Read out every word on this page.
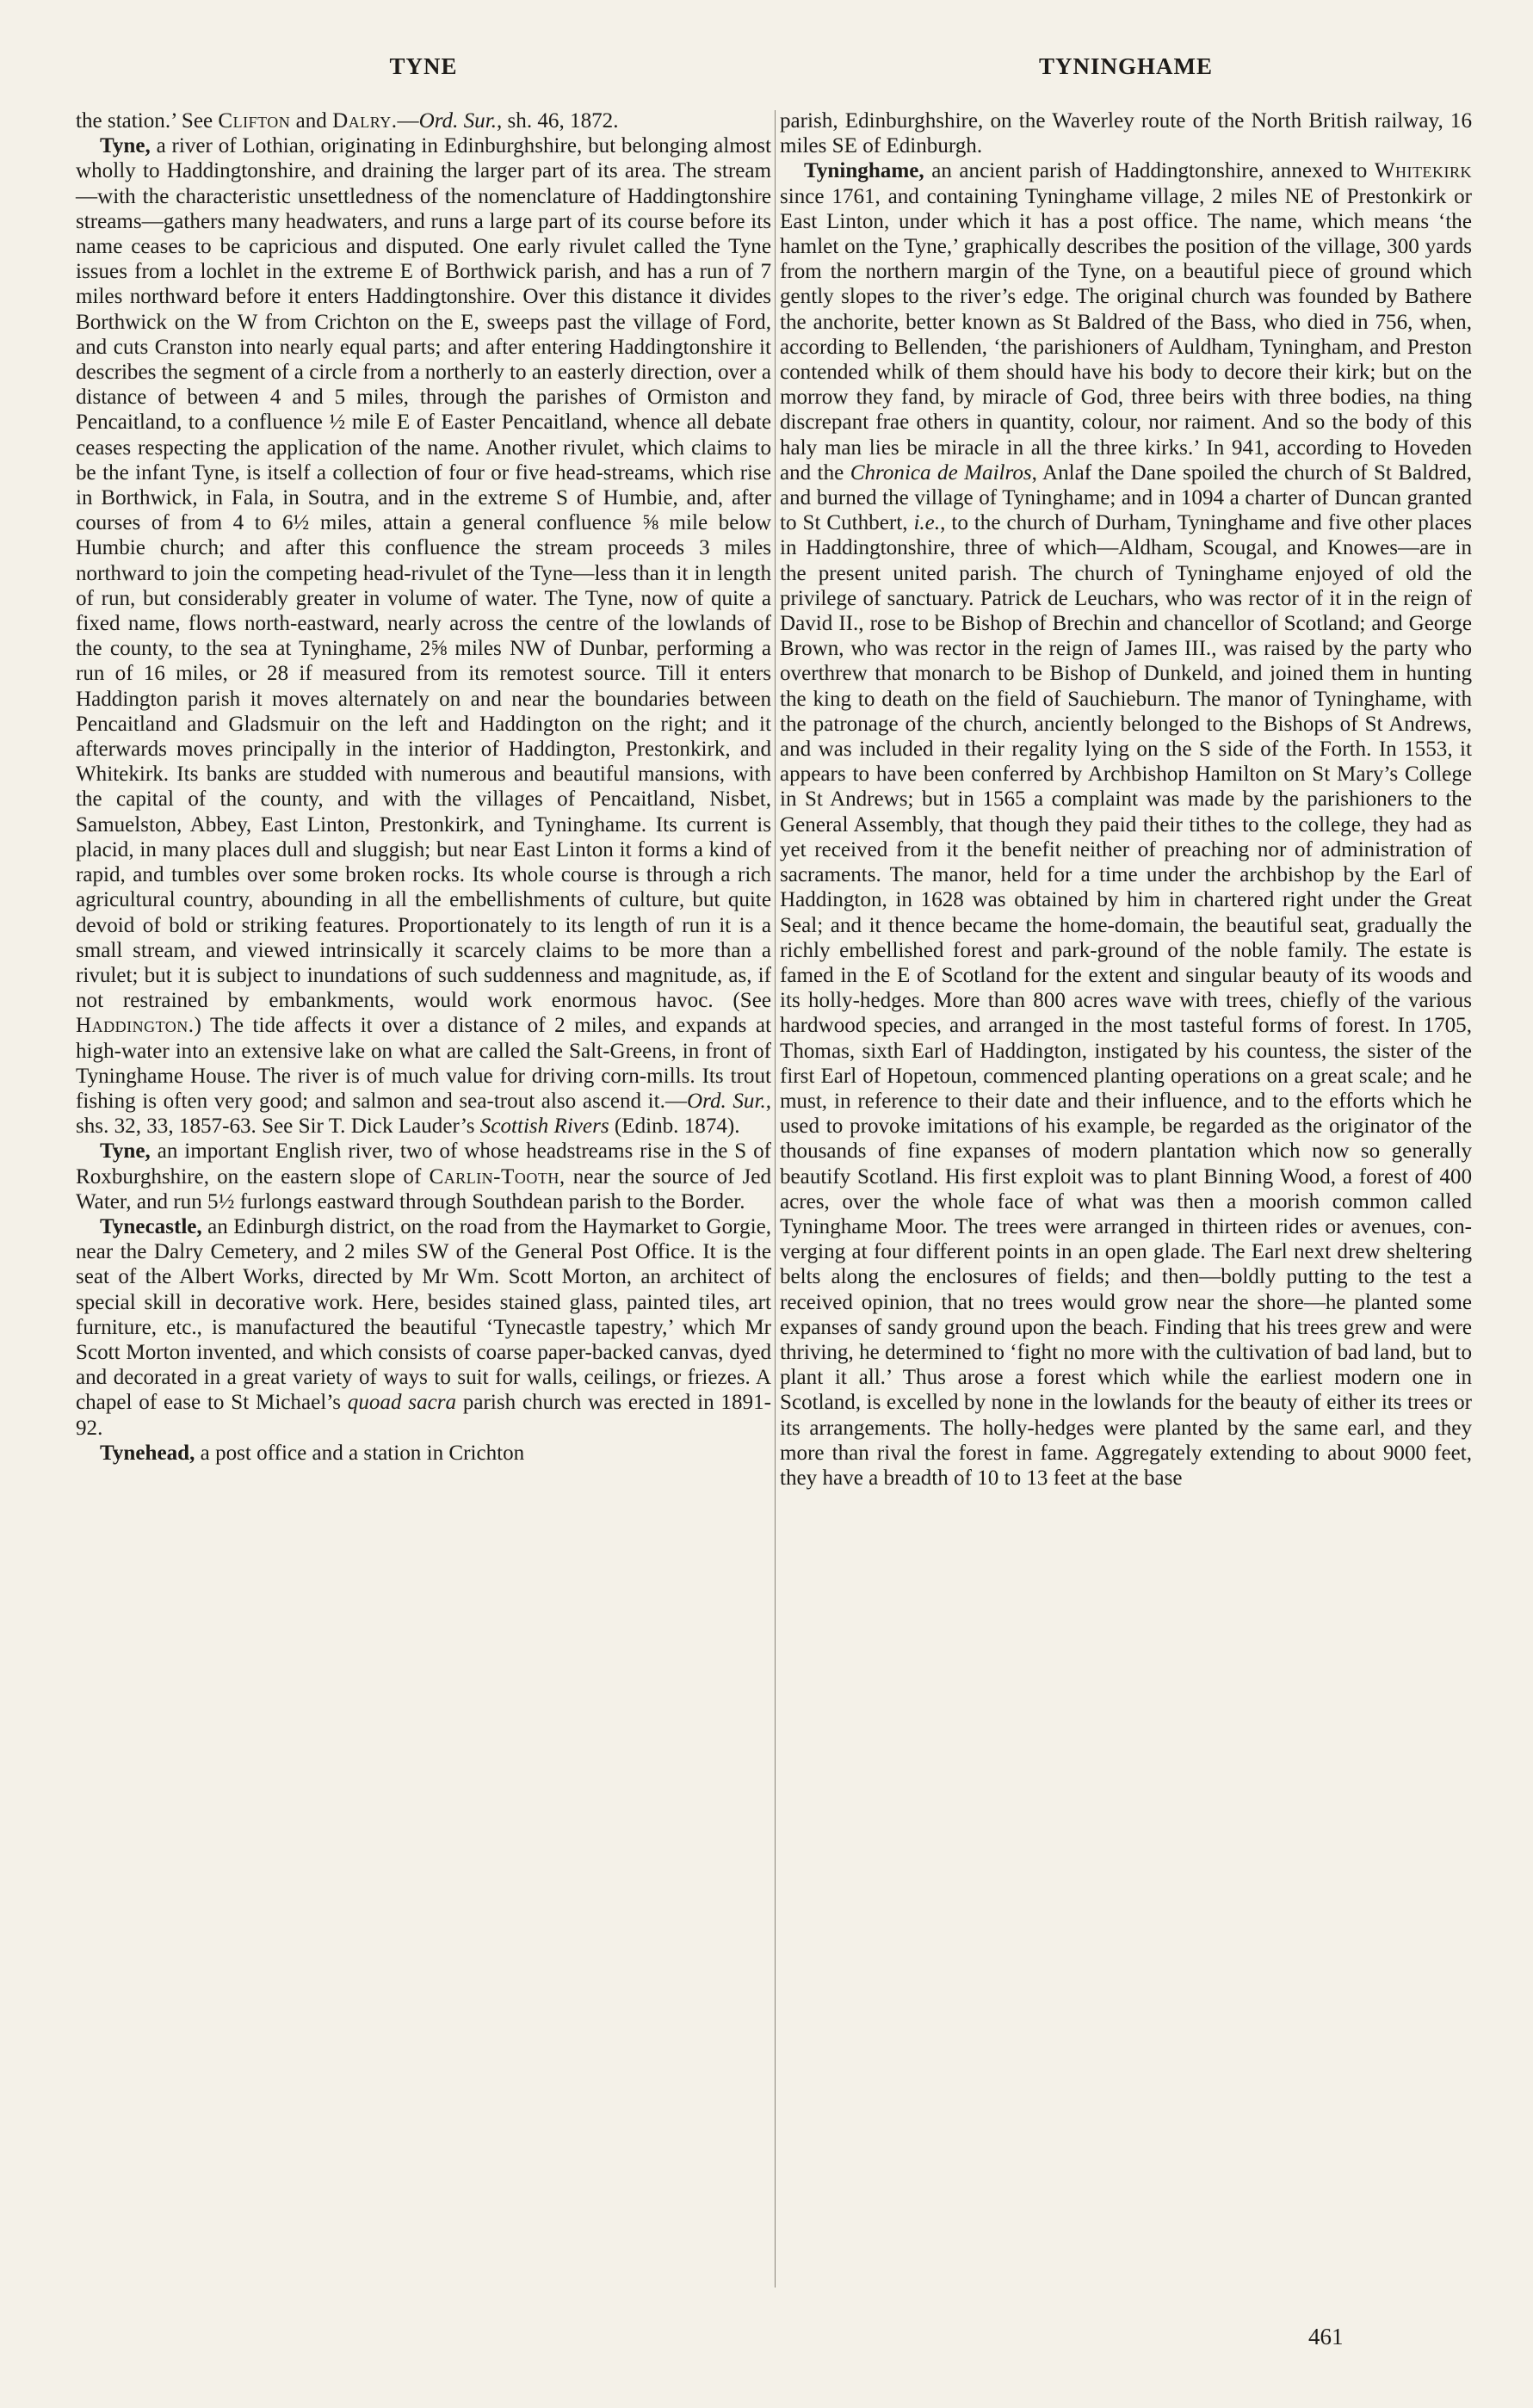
TYNE	TYNINGHAME

the station.’ See Clifton and Dalry.—Ord. Sur., sh. 46, 1872.

Tyne, a river of Lothian, originating in Edinburghshire, but belonging almost wholly to Haddingtonshire, and draining the larger part of its area. The stream—with the characteristic unsettledness of the nomenclature of Haddingtonshire streams—gathers many headwaters, and runs a large part of its course before its name ceases to be capricious and disputed. One early rivulet called the Tyne issues from a lochlet in the extreme E of Borthwick parish, and has a run of 7 miles northward before it enters Haddingtonshire. Over this distance it divides Borthwick on the W from Crichton on the E, sweeps past the village of Ford, and cuts Cranston into nearly equal parts; and after entering Haddingtonshire it describes the segment of a circle from a northerly to an easterly direction, over a distance of between 4 and 5 miles, through the parishes of Ormiston and Pencaitland, to a confluence ½ mile E of Easter Pencaitland, whence all debate ceases respecting the application of the name. Another rivulet, which claims to be the infant Tyne, is itself a collection of four or five head-streams, which rise in Borthwick, in Fala, in Soutra, and in the extreme S of Humbie, and, after courses of from 4 to 6½ miles, attain a general confluence ⅝ mile below Humbie church; and after this confluence the stream proceeds 3 miles northward to join the competing head-rivulet of the Tyne—less than it in length of run, but considerably greater in volume of water. The Tyne, now of quite a fixed name, flows north-eastward, nearly across the centre of the lowlands of the county, to the sea at Tyninghame, 2⅝ miles NW of Dunbar, performing a run of 16 miles, or 28 if measured from its remotest source. Till it enters Haddington parish it moves alternately on and near the boundaries between Pencaitland and Gladsmuir on the left and Haddington on the right; and it afterwards moves principally in the interior of Haddington, Prestonkirk, and Whitekirk. Its banks are studded with numerous and beautiful mansions, with the capital of the county, and with the villages of Pencaitland, Nisbet, Samuelston, Abbey, East Linton, Prestonkirk, and Tyninghame. Its current is placid, in many places dull and sluggish; but near East Linton it forms a kind of rapid, and tumbles over some broken rocks. Its whole course is through a rich agricultural country, abounding in all the embellishments of culture, but quite devoid of bold or striking features. Proportionately to its length of run it is a small stream, and viewed intrinsically it scarcely claims to be more than a rivulet; but it is subject to inundations of such suddenness and magnitude, as, if not restrained by embankments, would work enormous havoc. (See Haddington.) The tide affects it over a distance of 2 miles, and expands at high-water into an extensive lake on what are called the Salt-Greens, in front of Tyninghame House. The river is of much value for driving corn-mills. Its trout fishing is often very good; and salmon and sea-trout also ascend it.—Ord. Sur., shs. 32, 33, 1857-63. See Sir T. Dick Lauder’s Scottish Rivers (Edinb. 1874).

Tyne, an important English river, two of whose headstreams rise in the S of Roxburghshire, on the eastern slope of Carlin-Tooth, near the source of Jed Water, and run 5½ furlongs eastward through Southdean parish to the Border.

Tynecastle, an Edinburgh district, on the road from the Haymarket to Gorgie, near the Dalry Cemetery, and 2 miles SW of the General Post Office. It is the seat of the Albert Works, directed by Mr Wm. Scott Morton, an architect of special skill in decorative work. Here, besides stained glass, painted tiles, art furniture, etc., is manufactured the beautiful ‘Tynecastle tapestry,’ which Mr Scott Morton invented, and which consists of coarse paper-backed canvas, dyed and decorated in a great variety of ways to suit for walls, ceilings, or friezes. A chapel of ease to St Michael’s quoad sacra parish church was erected in 1891-92.

Tynehead, a post office and a station in Crichton

parish, Edinburghshire, on the Waverley route of the North British railway, 16 miles SE of Edinburgh.

Tyninghame, an ancient parish of Haddingtonshire, annexed to Whitekirk since 1761, and containing Tyninghame village, 2 miles NE of Prestonkirk or East Linton, under which it has a post office. The name, which means ‘the hamlet on the Tyne,’ graphically describes the position of the village, 300 yards from the northern margin of the Tyne, on a beautiful piece of ground which gently slopes to the river’s edge. The original church was founded by Bathere the anchorite, better known as St Baldred of the Bass, who died in 756, when, according to Bellenden, ‘the parishioners of Auldham, Tyningham, and Preston contended whilk of them should have his body to decore their kirk; but on the morrow they fand, by miracle of God, three beirs with three bodies, na thing discrepant frae others in quantity, colour, nor raiment. And so the body of this haly man lies be miracle in all the three kirks.’ In 941, according to Hoveden and the Chronica de Mailros, Anlaf the Dane spoiled the church of St Baldred, and burned the village of Tyninghame; and in 1094 a charter of Duncan granted to St Cuthbert, i.e., to the church of Durham, Tyninghame and five other places in Haddingtonshire, three of which—Aldham, Scougal, and Knowes—are in the present united parish. The church of Tyninghame enjoyed of old the privilege of sanctuary. Patrick de Leuchars, who was rector of it in the reign of David II., rose to be Bishop of Brechin and chancellor of Scotland; and George Brown, who was rector in the reign of James III., was raised by the party who overthrew that monarch to be Bishop of Dunkeld, and joined them in hunting the king to death on the field of Sauchieburn. The manor of Tyninghame, with the patronage of the church, anciently belonged to the Bishops of St Andrews, and was included in their regality lying on the S side of the Forth. In 1553, it appears to have been conferred by Archbishop Hamilton on St Mary’s College in St Andrews; but in 1565 a complaint was made by the parishioners to the General Assembly, that though they paid their tithes to the college, they had as yet received from it the benefit neither of preaching nor of administration of sacraments. The manor, held for a time under the archbishop by the Earl of Haddington, in 1628 was obtained by him in chartered right under the Great Seal; and it thence became the home-domain, the beautiful seat, gradually the richly embellished forest and park-ground of the noble family. The estate is famed in the E of Scotland for the extent and singular beauty of its woods and its holly-hedges. More than 800 acres wave with trees, chiefly of the various hardwood species, and arranged in the most tasteful forms of forest. In 1705, Thomas, sixth Earl of Haddington, instigated by his countess, the sister of the first Earl of Hopetoun, commenced planting operations on a great scale; and he must, in reference to their date and their influence, and to the efforts which he used to provoke imitations of his example, be regarded as the originator of the thousands of fine expanses of modern plantation which now so generally beautify Scotland. His first exploit was to plant Binning Wood, a forest of 400 acres, over the whole face of what was then a moorish common called Tyninghame Moor. The trees were arranged in thirteen rides or avenues, converging at four different points in an open glade. The Earl next drew sheltering belts along the enclosures of fields; and then—boldly putting to the test a received opinion, that no trees would grow near the shore—he planted some expanses of sandy ground upon the beach. Finding that his trees grew and were thriving, he determined to ‘fight no more with the cultivation of bad land, but to plant it all.’ Thus arose a forest which while the earliest modern one in Scotland, is excelled by none in the lowlands for the beauty of either its trees or its arrangements. The holly-hedges were planted by the same earl, and they more than rival the forest in fame. Aggregately extending to about 9000 feet, they have a breadth of 10 to 13 feet at the base

461
